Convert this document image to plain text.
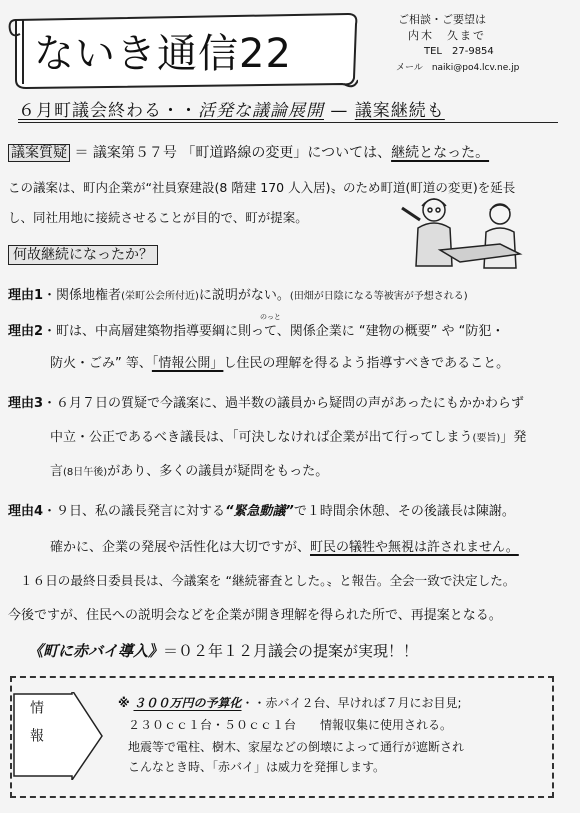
ないき通信22
ご相談・ご要望は
内木　久まで
TEL　27-9854
メール　naiki@po4.lcv.ne.jp
６月町議会終わる・・活発な議論展開 — 議案継続も
議案質疑 ＝ 議案第５７号 「町道路線の変更」については、継続となった。
この議案は、町内企業が“社員寮建設(8 階建 170 人入居)〟のため町道(町道の変更)を延長
し、同社用地に接続させることが目的で、町が提案。
何故継続になったか？
理由1・関係地権者(栄町公会所付近)に説明がない。(田畑が日陰になる等被害が予想される)
のっと
理由2・町は、中高層建築物指導要綱に則って、関係企業に “建物の概要” や “防犯・
防火・ごみ” 等、「情報公開」し住民の理解を得るよう指導すべきであること。
理由3・６月７日の質疑で今議案に、過半数の議員から疑問の声があったにもかかわらず
中立・公正であるべき議長は、「可決しなければ企業が出て行ってしまう(要旨)」発
言(8日午後)があり、多くの議員が疑問をもった。
理由4・９日、私の議長発言に対する“緊急動議”で１時間余休憩、その後議長は陳謝。
確かに、企業の発展や活性化は大切ですが、町民の犠牲や無視は許されません。
１６日の最終日委員長は、今議案を “継続審査とした。〟と報告。全会一致で決定した。
今後ですが、住民への説明会などを企業が開き理解を得られた所で、再提案となる。
《町に赤バイ導入》＝０２年１２月議会の提案が実現！！
情報	※ ３００万円の予算化・・赤バイ２台、早ければ７月にお目見;
２３０ｃｃ１台・５０ｃｃ１台　　情報収集に使用される。
地震等で電柱、樹木、家屋などの倒壊によって通行が遮断され
こんなとき時、「赤バイ」は威力を発揮します。
